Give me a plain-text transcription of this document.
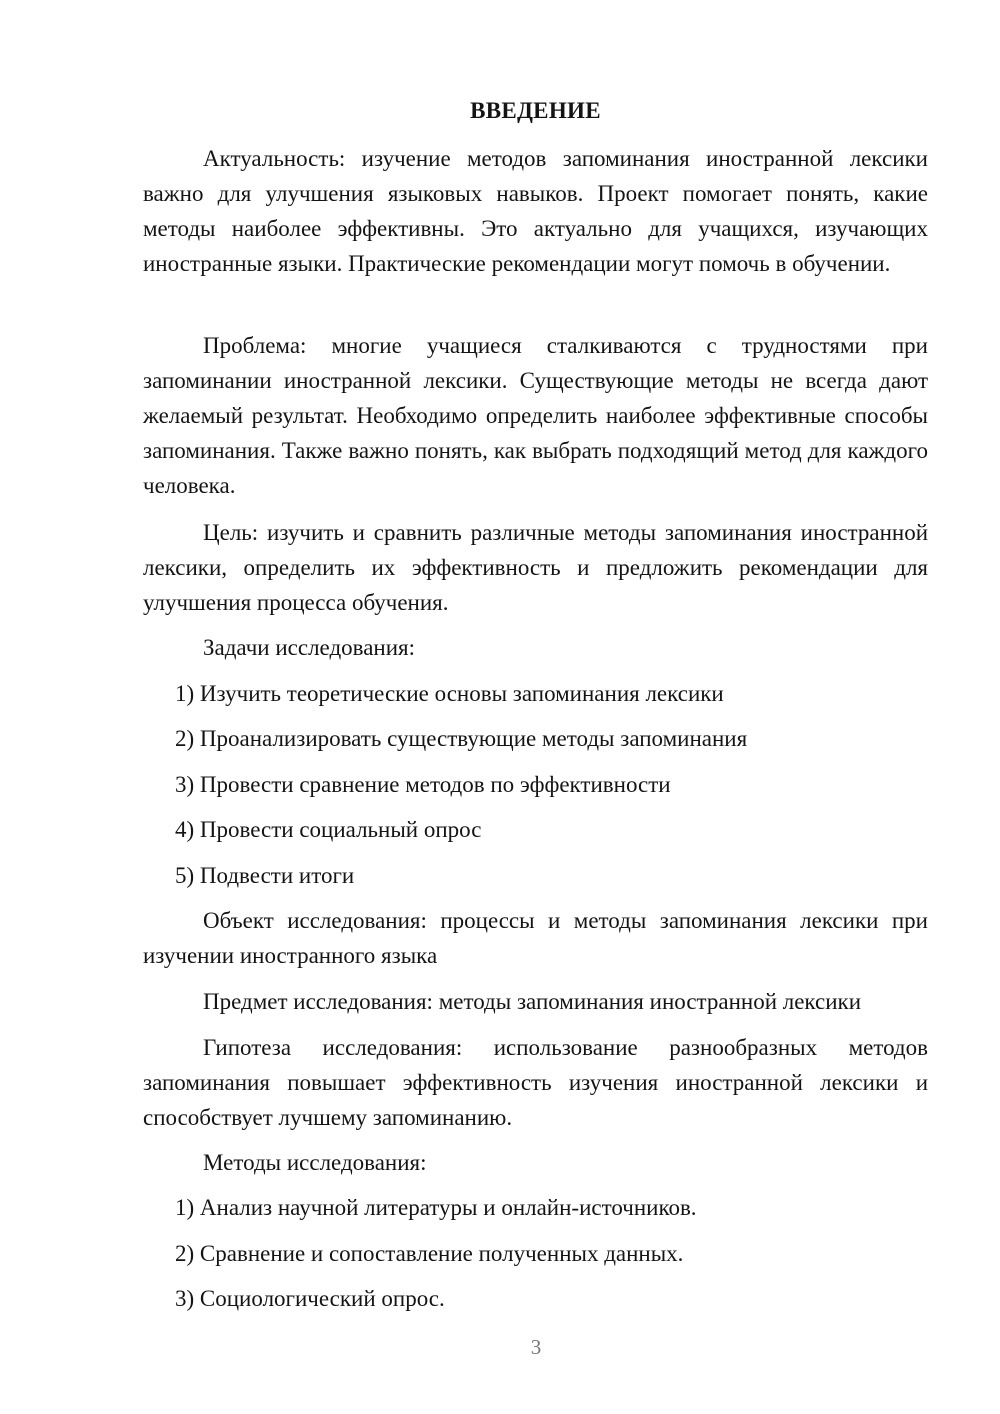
ВВЕДЕНИЕ

Актуальность: изучение методов запоминания иностранной лексики важно для улучшения языковых навыков. Проект помогает понять, какие методы наиболее эффективны. Это актуально для учащихся, изучающих иностранные языки. Практические рекомендации могут помочь в обучении.

Проблема: многие учащиеся сталкиваются с трудностями при запоминании иностранной лексики. Существующие методы не всегда дают желаемый результат. Необходимо определить наиболее эффективные способы запоминания. Также важно понять, как выбрать подходящий метод для каждого человека.

Цель: изучить и сравнить различные методы запоминания иностранной лексики, определить их эффективность и предложить рекомендации для улучшения процесса обучения.

Задачи исследования:

1) Изучить теоретические основы запоминания лексики

2) Проанализировать существующие методы запоминания

3) Провести сравнение методов по эффективности

4) Провести социальный опрос

5) Подвести итоги

Объект исследования: процессы и методы запоминания лексики при изучении иностранного языка

Предмет исследования: методы запоминания иностранной лексики

Гипотеза исследования: использование разнообразных методов запоминания повышает эффективность изучения иностранной лексики и способствует лучшему запоминанию.

Методы исследования:

1) Анализ научной литературы и онлайн-источников.

2) Сравнение и сопоставление полученных данных.

3) Социологический опрос.

3
